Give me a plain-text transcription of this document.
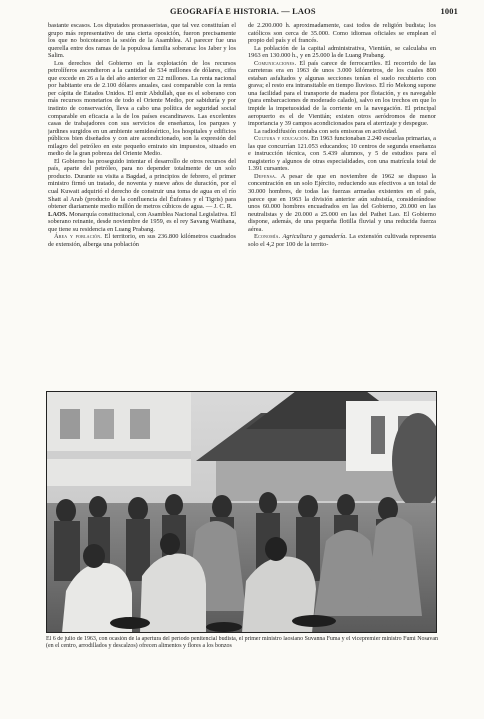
GEOGRAFÍA E HISTORIA. — LAOS	1001

bastante escasos. Los diputados pronasseristas, que tal vez constituían el grupo más representativo de una cierta oposición, fueron precisamente los que no boicotearon la sesión de la Asamblea. Al parecer fue una querella entre dos ramas de la populosa familia soberana: los Jaber y los Salim.

Los derechos del Gobierno en la explotación de los recursos petrolíferos ascendieron a la cantidad de 534 millones de dólares, cifra que excede en 26 a la del año anterior en 22 millones. La renta nacional por habitante era de 2.100 dólares anuales, casi comparable con la renta per cápita de Estados Unidos. El emir Abdullah, que es el soberano con más recursos monetarios de todo el Oriente Medio, por sabiduría y por instinto de conservación, lleva a cabo una política de seguridad social comparable en eficacia a la de los países escandinavos. Las excelentes casas de trabajadores con sus servicios de enseñanza, los parques y jardines surgidos en un ambiente semidesértico, los hospitales y edificios públicos bien diseñados y con aire acondicionado, son la expresión del milagro del petróleo en este pequeño emirato sin impuestos, situado en medio de la gran pobreza del Oriente Medio.

El Gobierno ha proseguido intentar el desarrollo de otros recursos del país, aparte del petróleo, para no depender totalmente de un solo producto. Durante su visita a Bagdad, a principios de febrero, el primer ministro firmó un tratado, de noventa y nueve años de duración, por el cual Kuwait adquirió el derecho de construir una toma de agua en el río Shatt al Arab (producto de la confluencia del Éufrates y el Tigris) para obtener diariamente medio millón de metros cúbicos de agua. — J. C. R.

LAOS. Monarquía constitucional, con Asamblea Nacional Legislativa. El soberano reinante, desde noviembre de 1959, es el rey Savang Watthana, que tiene su residencia en Luang Prabang.

Área y población. El territorio, en sus 236.800 kilómetros cuadrados de extensión, alberga una población

de 2.200.000 h. aproximadamente, casi todos de religión budista; los católicos son cerca de 35.000. Como idiomas oficiales se emplean el propio del país y el francés.

La población de la capital administrativa, Vientián, se calculaba en 1963 en 130.000 h., y en 25.000 la de Luang Prabang.

Comunicaciones. El país carece de ferrocarriles. El recorrido de las carreteras era en 1963 de unos 3.000 kilómetros, de los cuales 800 estaban asfaltados y algunas secciones tenían el suelo recubierto con grava; el resto era intransitable en tiempo lluvioso. El río Mekong supone una facilidad para el transporte de madera por flotación, y es navegable (para embarcaciones de moderado calado), salvo en los trechos en que lo impide la impetuosidad de la corriente en la navegación. El principal aeropuerto es el de Vientián; existen otros aeródromos de menor importancia y 39 campos acondicionados para el aterrizaje y despegue.

La radiodifusión contaba con seis emisoras en actividad.

Cultura y educación. En 1963 funcionaban 2.240 escuelas primarias, a las que concurrían 121.053 educandos; 10 centros de segunda enseñanza e instrucción técnica, con 5.439 alumnos, y 5 de estudios para el magisterio y algunos de otras especialidades, con una matrícula total de 1.391 cursantes.

Defensa. A pesar de que en noviembre de 1962 se dispuso la concentración en un solo Ejército, reduciendo sus efectivos a un total de 30.000 hombres, de todas las fuerzas armadas existentes en el país, parece que en 1963 la división anterior aún subsistía, considerándose unos 60.000 hombres encuadrados en las del Gobierno, 20.000 en las neutralistas y de 20.000 a 25.000 en las del Pathet Lao. El Gobierno dispone, además, de una pequeña flotilla fluvial y una reducida fuerza aérea.

Economía. Agricultura y ganadería. La extensión cultivada representa solo el 4,2 por 100 de la territo-

El 6 de julio de 1963, con ocasión de la apertura del período penitencial budista, el primer ministro laosiano Suvanna Fuma y el vicepremier ministro Fumi Nosavan (en el centro, arrodillados y descalzos) ofrecen alimentos y flores a los bonzos
